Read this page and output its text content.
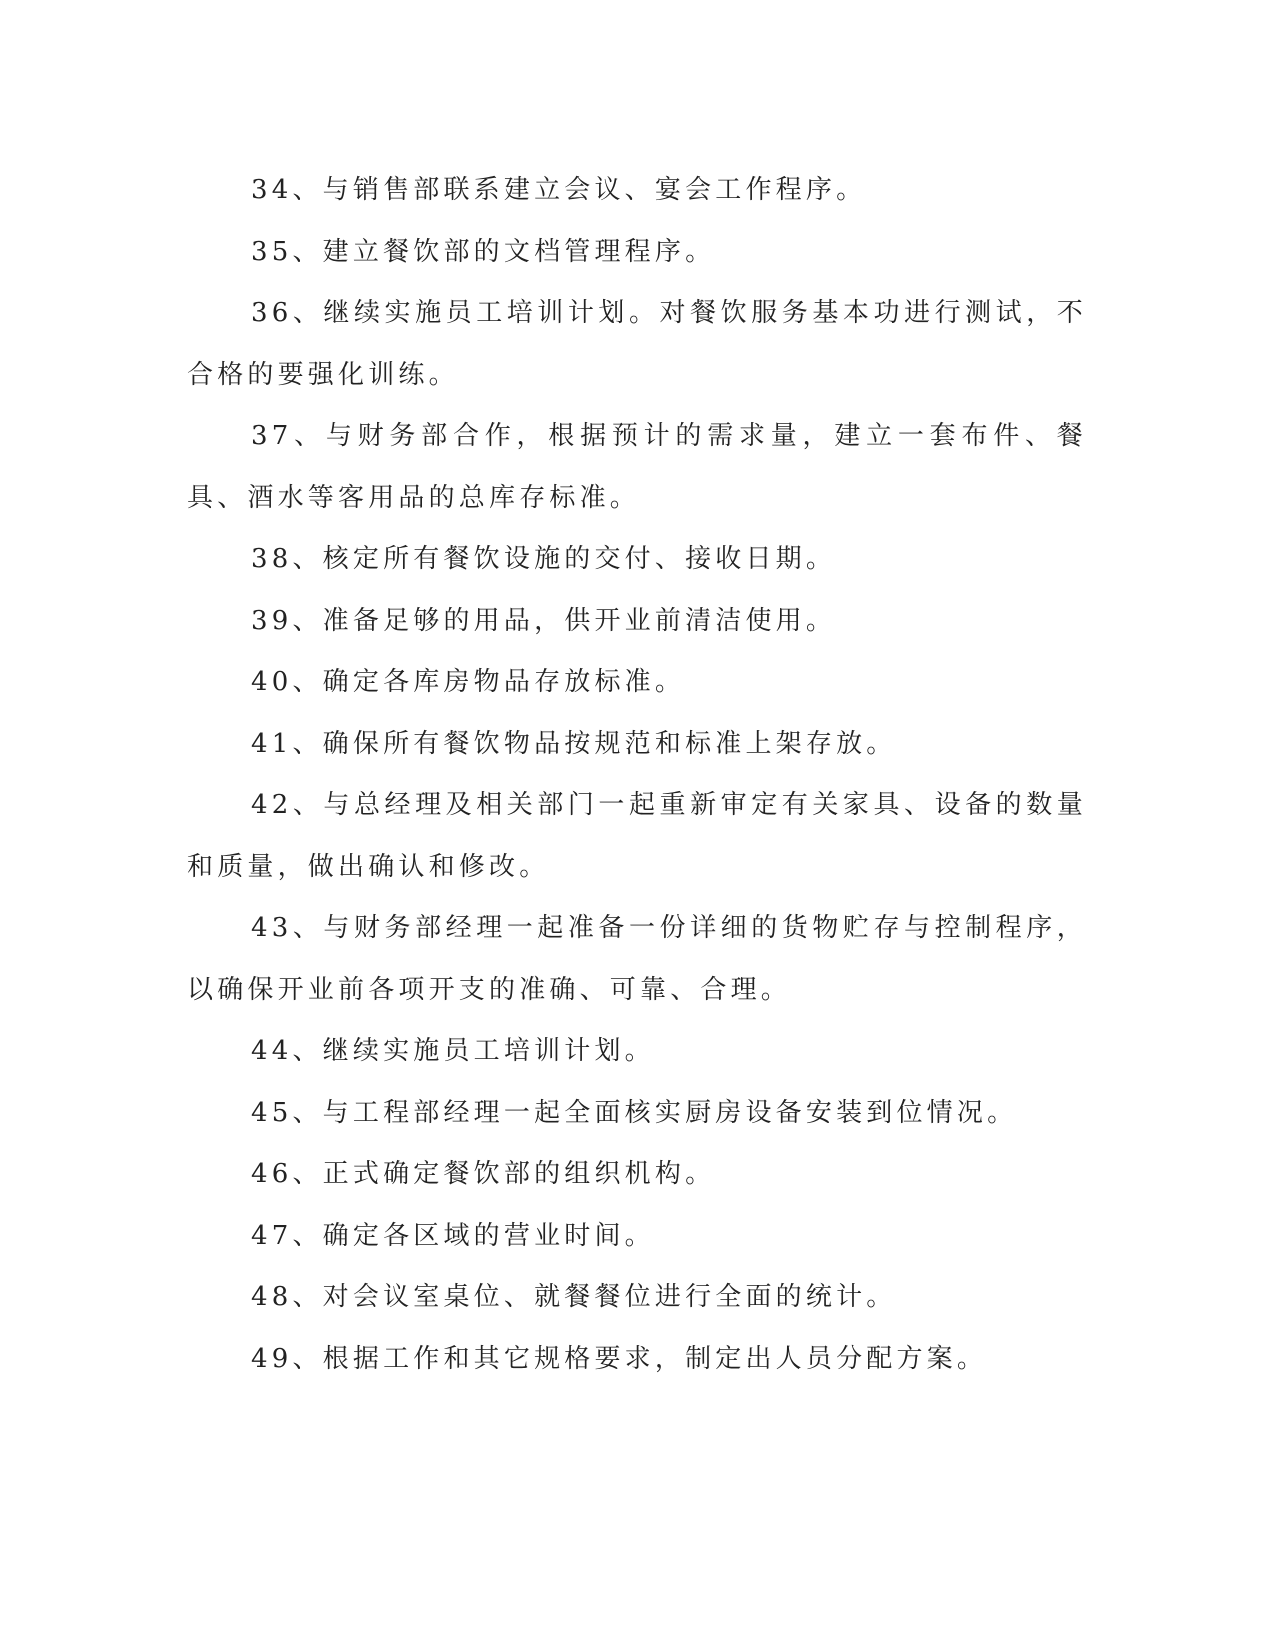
34、与销售部联系建立会议、宴会工作程序。

35、建立餐饮部的文档管理程序。

36、继续实施员工培训计划。对餐饮服务基本功进行测试，不合格的要强化训练。

37、与财务部合作，根据预计的需求量，建立一套布件、餐具、酒水等客用品的总库存标准。

38、核定所有餐饮设施的交付、接收日期。

39、准备足够的用品，供开业前清洁使用。

40、确定各库房物品存放标准。

41、确保所有餐饮物品按规范和标准上架存放。

42、与总经理及相关部门一起重新审定有关家具、设备的数量和质量，做出确认和修改。

43、与财务部经理一起准备一份详细的货物贮存与控制程序，以确保开业前各项开支的准确、可靠、合理。

44、继续实施员工培训计划。

45、与工程部经理一起全面核实厨房设备安装到位情况。

46、正式确定餐饮部的组织机构。

47、确定各区域的营业时间。

48、对会议室桌位、就餐餐位进行全面的统计。

49、根据工作和其它规格要求，制定出人员分配方案。
